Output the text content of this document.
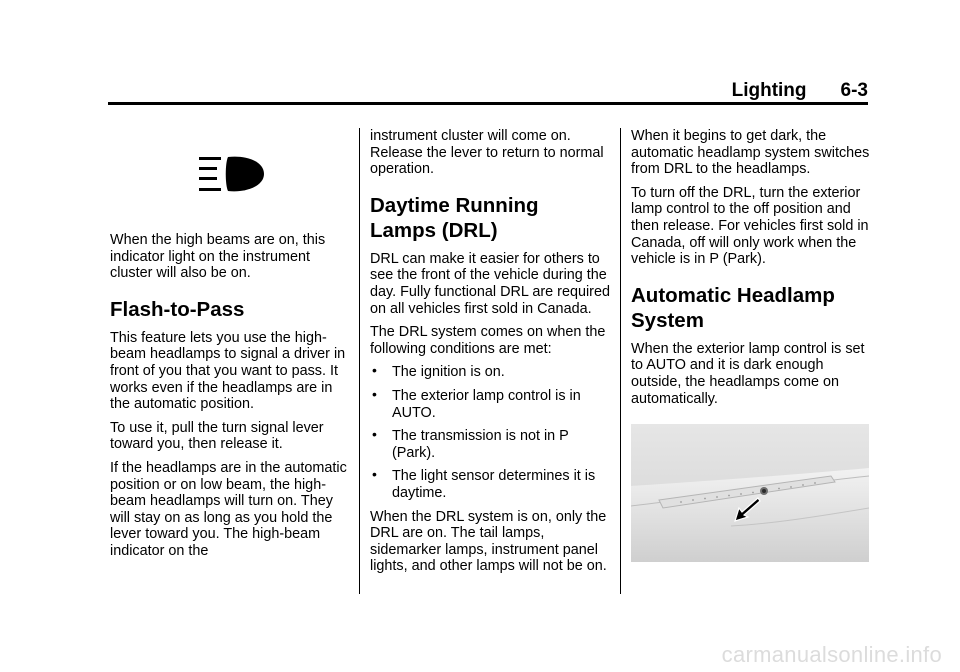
Lighting 6-3

When the high beams are on, this indicator light on the instrument cluster will also be on.

Flash-to-Pass

This feature lets you use the high-beam headlamps to signal a driver in front of you that you want to pass. It works even if the headlamps are in the automatic position.

To use it, pull the turn signal lever toward you, then release it.

If the headlamps are in the automatic position or on low beam, the high-beam headlamps will turn on. They will stay on as long as you hold the lever toward you. The high-beam indicator on the

instrument cluster will come on. Release the lever to return to normal operation.

Daytime Running
Lamps (DRL)

DRL can make it easier for others to see the front of the vehicle during the day. Fully functional DRL are required on all vehicles first sold in Canada.

The DRL system comes on when the following conditions are met:

• The ignition is on.
• The exterior lamp control is in AUTO.
• The transmission is not in P (Park).
• The light sensor determines it is daytime.

When the DRL system is on, only the DRL are on. The tail lamps, sidemarker lamps, instrument panel lights, and other lamps will not be on.

When it begins to get dark, the automatic headlamp system switches from DRL to the headlamps.

To turn off the DRL, turn the exterior lamp control to the off position and then release. For vehicles first sold in Canada, off will only work when the vehicle is in P (Park).

Automatic Headlamp
System

When the exterior lamp control is set to AUTO and it is dark enough outside, the headlamps come on automatically.

carmanualsonline.info
